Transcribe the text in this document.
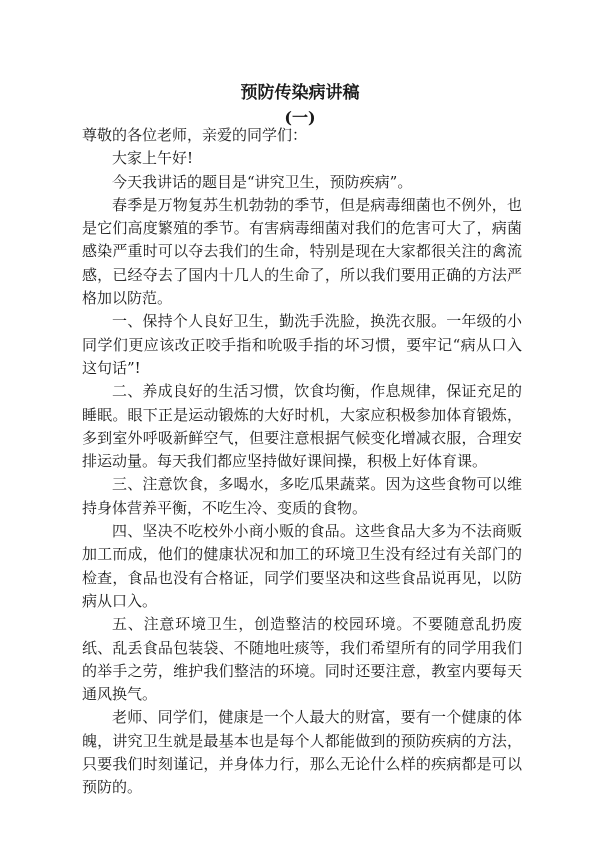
预防传染病讲稿
(一)

尊敬的各位老师，亲爱的同学们：

大家上午好!

今天我讲话的题目是“讲究卫生，预防疾病”。

春季是万物复苏生机勃勃的季节，但是病毒细菌也不例外，也是它们高度繁殖的季节。有害病毒细菌对我们的危害可大了，病菌感染严重时可以夺去我们的生命，特别是现在大家都很关注的禽流感，已经夺去了国内十几人的生命了，所以我们要用正确的方法严格加以防范。

一、保持个人良好卫生，勤洗手洗脸，换洗衣服。一年级的小同学们更应该改正咬手指和吮吸手指的坏习惯，要牢记“病从口入这句话”!

二、养成良好的生活习惯，饮食均衡，作息规律，保证充足的睡眠。眼下正是运动锻炼的大好时机，大家应积极参加体育锻炼，多到室外呼吸新鲜空气，但要注意根据气候变化增减衣服，合理安排运动量。每天我们都应坚持做好课间操，积极上好体育课。

三、注意饮食，多喝水，多吃瓜果蔬菜。因为这些食物可以维持身体营养平衡，不吃生冷、变质的食物。

四、坚决不吃校外小商小贩的食品。这些食品大多为不法商贩加工而成，他们的健康状况和加工的环境卫生没有经过有关部门的检查，食品也没有合格证，同学们要坚决和这些食品说再见，以防病从口入。

五、注意环境卫生，创造整洁的校园环境。不要随意乱扔废纸、乱丢食品包装袋、不随地吐痰等，我们希望所有的同学用我们的举手之劳，维护我们整洁的环境。同时还要注意，教室内要每天通风换气。

老师、同学们，健康是一个人最大的财富，要有一个健康的体魄，讲究卫生就是最基本也是每个人都能做到的预防疾病的方法，只要我们时刻谨记，并身体力行，那么无论什么样的疾病都是可以预防的。
